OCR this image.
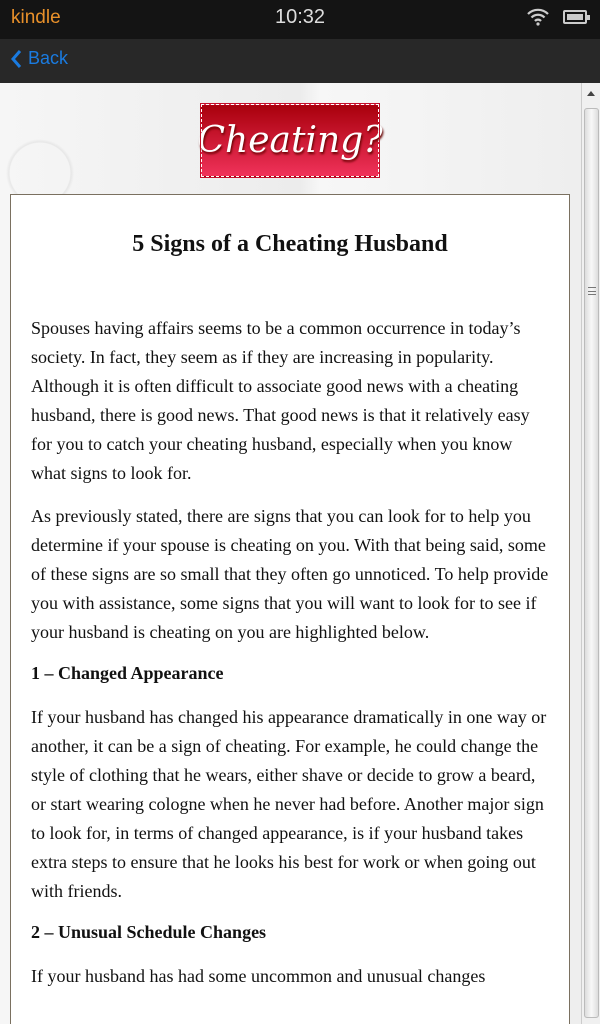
kindle	10:32
Back
Cheating?
5 Signs of a Cheating Husband

Spouses having affairs seems to be a common occurrence in today’s society. In fact, they seem as if they are increasing in popularity. Although it is often difficult to associate good news with a cheating husband, there is good news. That good news is that it relatively easy for you to catch your cheating husband, especially when you know what signs to look for.

As previously stated, there are signs that you can look for to help you determine if your spouse is cheating on you. With that being said, some of these signs are so small that they often go unnoticed. To help provide you with assistance, some signs that you will want to look for to see if your husband is cheating on you are highlighted below.

1 – Changed Appearance

If your husband has changed his appearance dramatically in one way or another, it can be a sign of cheating. For example, he could change the style of clothing that he wears, either shave or decide to grow a beard, or start wearing cologne when he never had before. Another major sign to look for, in terms of changed appearance, is if your husband takes extra steps to ensure that he looks his best for work or when going out with friends.

2 – Unusual Schedule Changes

If your husband has had some uncommon and unusual changes
